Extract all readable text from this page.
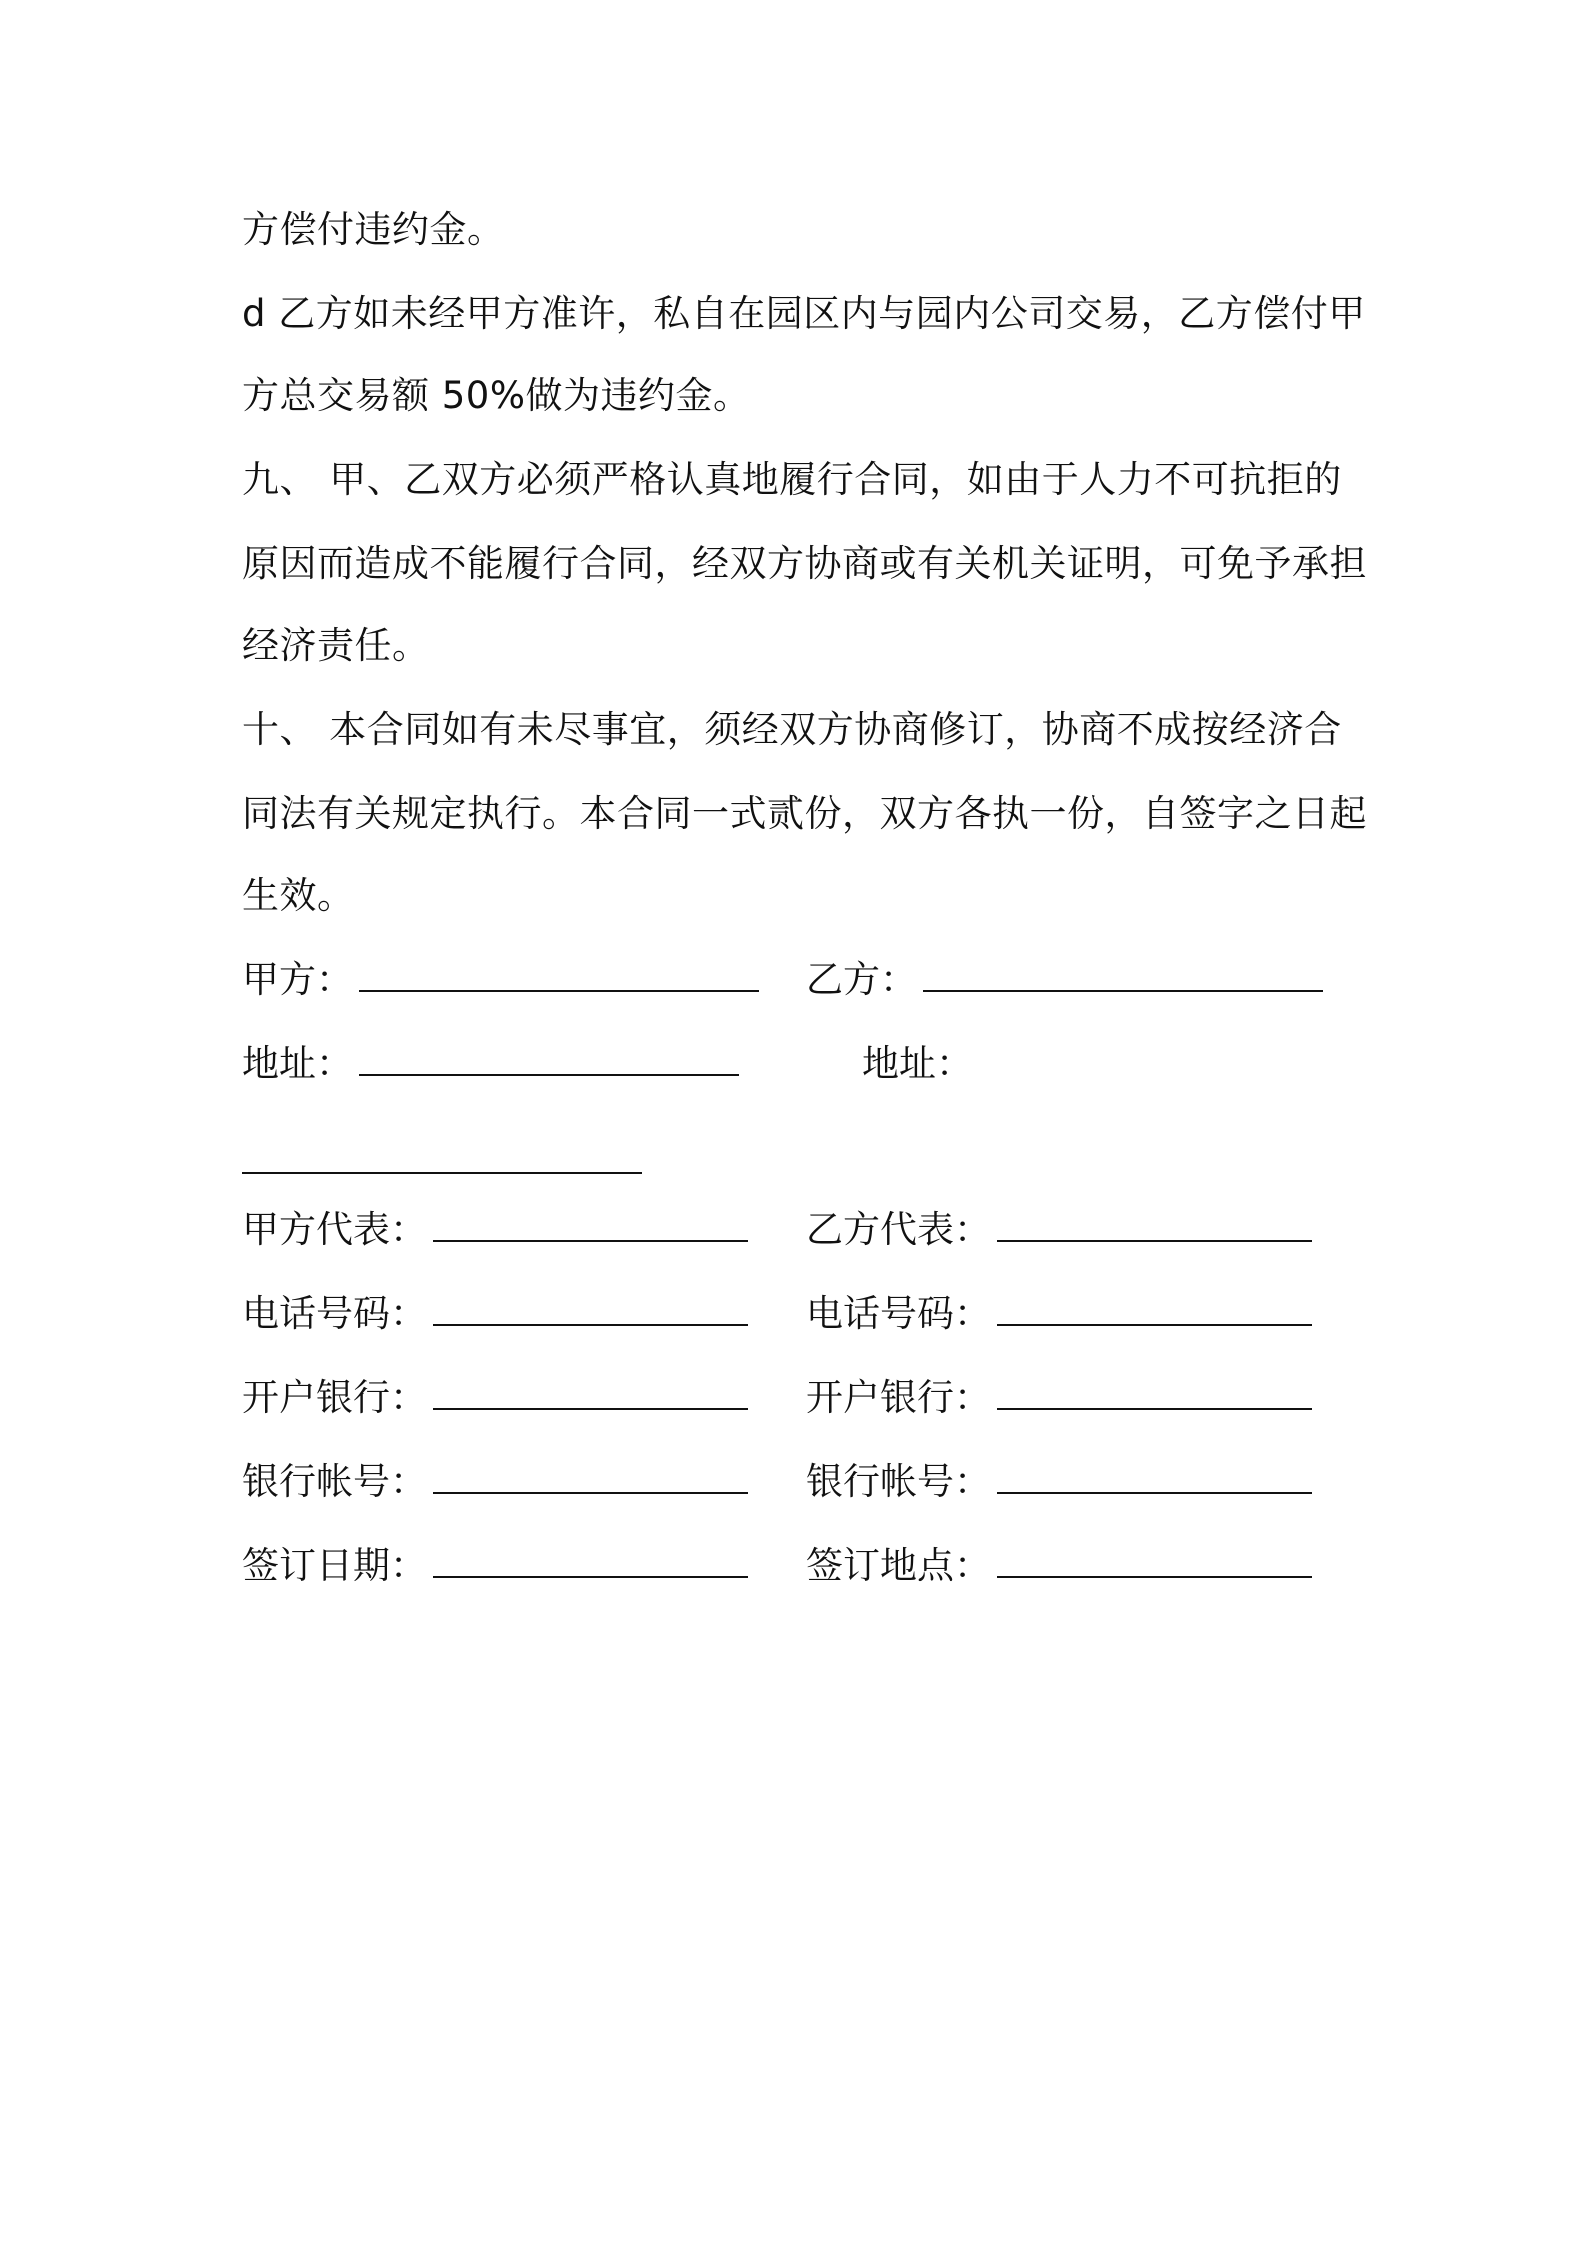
方偿付违约金。
d 乙方如未经甲方准许，私自在园区内与园内公司交易，乙方偿付甲
方总交易额 50%做为违约金。
九、 甲、乙双方必须严格认真地履行合同，如由于人力不可抗拒的
原因而造成不能履行合同，经双方协商或有关机关证明，可免予承担
经济责任。
十、 本合同如有未尽事宜，须经双方协商修订，协商不成按经济合
同法有关规定执行。本合同一式贰份，双方各执一份，自签字之日起
生效。
甲方：	乙方：
地址：	地址：
甲方代表：	乙方代表：
电话号码：	电话号码：
开户银行：	开户银行：
银行帐号：	银行帐号：
签订日期：	签订地点：
